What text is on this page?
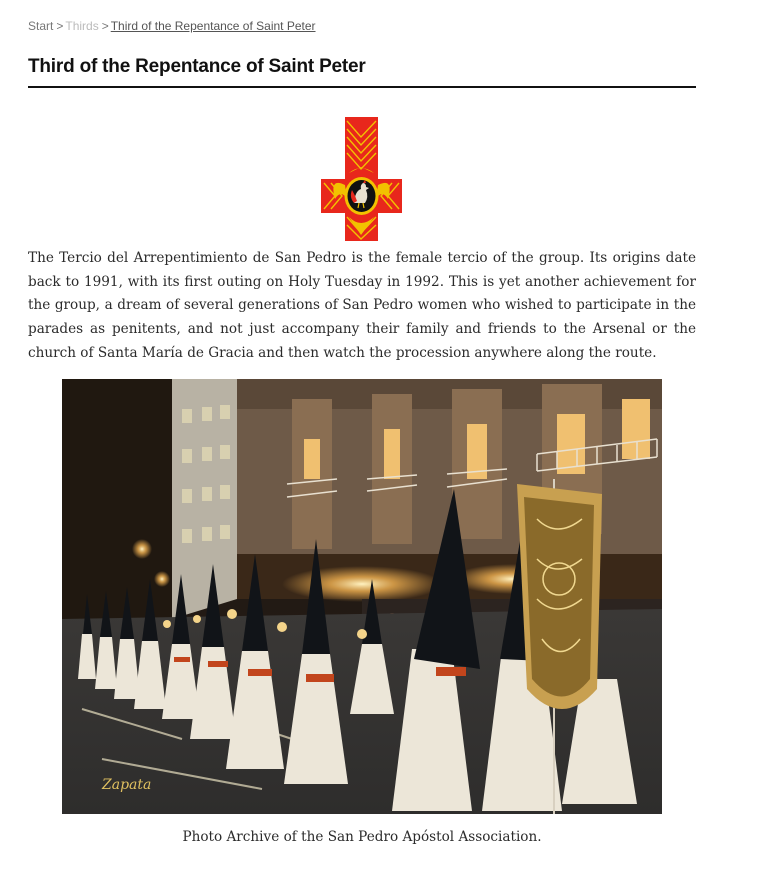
Start > Thirds > Third of the Repentance of Saint Peter
Third of the Repentance of Saint Peter

The Tercio del Arrepentimiento de San Pedro is the female tercio of the group. Its origins date back to 1991, with its first outing on Holy Tuesday in 1992. This is yet another achievement for the group, a dream of several generations of San Pedro women who wished to participate in the parades as penitents, and not just accompany their family and friends to the Arsenal or the church of Santa María de Gracia and then watch the procession anywhere along the route.

Zapata

Photo Archive of the San Pedro Apóstol Association.
